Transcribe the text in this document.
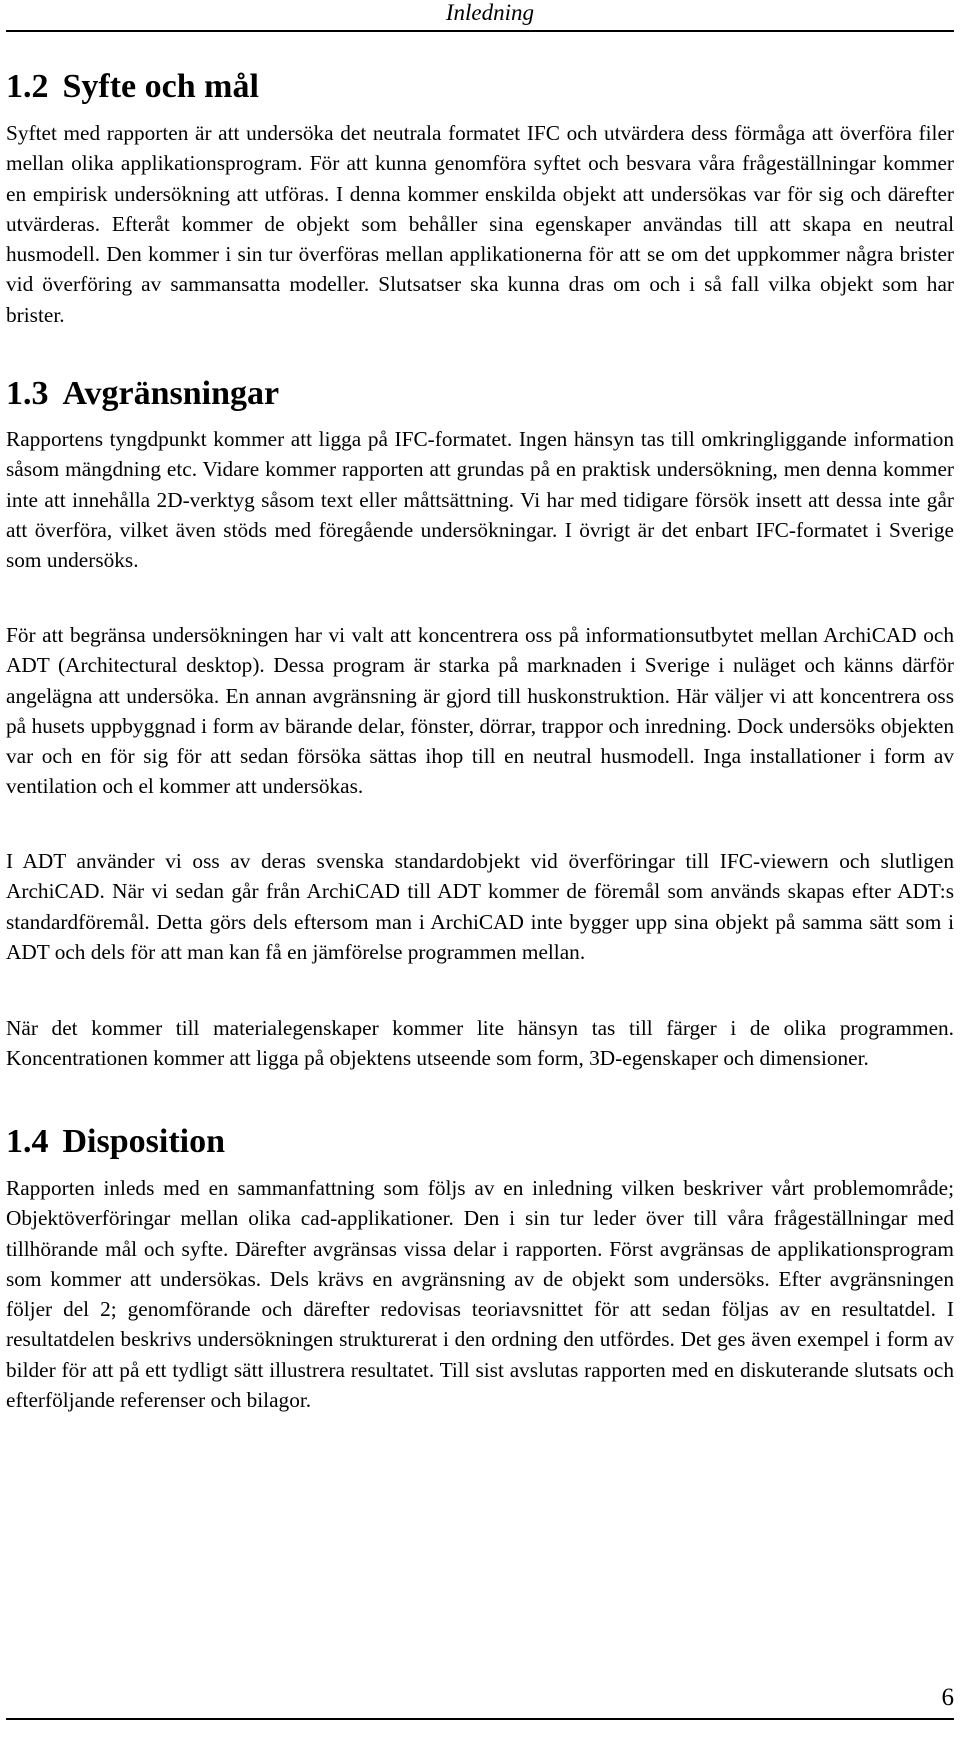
Inledning
1.2 Syfte och mål

Syftet med rapporten är att undersöka det neutrala formatet IFC och utvärdera dess förmåga att överföra filer mellan olika applikationsprogram. För att kunna genomföra syftet och besvara våra frågeställningar kommer en empirisk undersökning att utföras. I denna kommer enskilda objekt att undersökas var för sig och därefter utvärderas. Efteråt kommer de objekt som behåller sina egenskaper användas till att skapa en neutral husmodell. Den kommer i sin tur överföras mellan applikationerna för att se om det uppkommer några brister vid överföring av sammansatta modeller. Slutsatser ska kunna dras om och i så fall vilka objekt som har brister.

1.3 Avgränsningar

Rapportens tyngdpunkt kommer att ligga på IFC-formatet. Ingen hänsyn tas till omkringliggande information såsom mängdning etc. Vidare kommer rapporten att grundas på en praktisk undersökning, men denna kommer inte att innehålla 2D-verktyg såsom text eller måttsättning. Vi har med tidigare försök insett att dessa inte går att överföra, vilket även stöds med föregående undersökningar. I övrigt är det enbart IFC-formatet i Sverige som undersöks.

För att begränsa undersökningen har vi valt att koncentrera oss på informationsutbytet mellan ArchiCAD och ADT (Architectural desktop). Dessa program är starka på marknaden i Sverige i nuläget och känns därför angelägna att undersöka. En annan avgränsning är gjord till huskonstruktion. Här väljer vi att koncentrera oss på husets uppbyggnad i form av bärande delar, fönster, dörrar, trappor och inredning. Dock undersöks objekten var och en för sig för att sedan försöka sättas ihop till en neutral husmodell. Inga installationer i form av ventilation och el kommer att undersökas.

I ADT använder vi oss av deras svenska standardobjekt vid överföringar till IFC-viewern och slutligen ArchiCAD. När vi sedan går från ArchiCAD till ADT kommer de föremål som används skapas efter ADT:s standardföremål. Detta görs dels eftersom man i ArchiCAD inte bygger upp sina objekt på samma sätt som i ADT och dels för att man kan få en jämförelse programmen mellan.

När det kommer till materialegenskaper kommer lite hänsyn tas till färger i de olika programmen. Koncentrationen kommer att ligga på objektens utseende som form, 3D-egenskaper och dimensioner.

1.4 Disposition

Rapporten inleds med en sammanfattning som följs av en inledning vilken beskriver vårt problemområde; Objektöverföringar mellan olika cad-applikationer. Den i sin tur leder över till våra frågeställningar med tillhörande mål och syfte. Därefter avgränsas vissa delar i rapporten. Först avgränsas de applikationsprogram som kommer att undersökas. Dels krävs en avgränsning av de objekt som undersöks. Efter avgränsningen följer del 2; genomförande och därefter redovisas teoriavsnittet för att sedan följas av en resultatdel. I resultatdelen beskrivs undersökningen strukturerat i den ordning den utfördes. Det ges även exempel i form av bilder för att på ett tydligt sätt illustrera resultatet. Till sist avslutas rapporten med en diskuterande slutsats och efterföljande referenser och bilagor.

6
